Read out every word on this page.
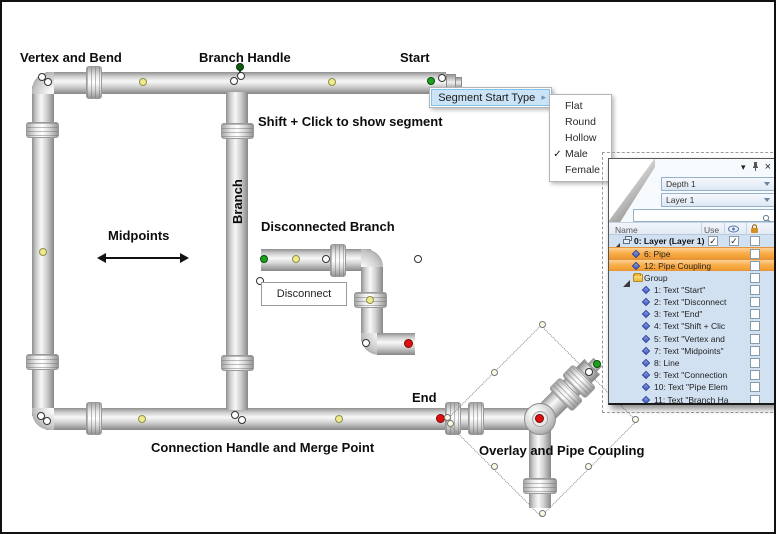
Vertex and Bend	Branch Handle	Start
Shift + Click to show segment
Branch
Midpoints
Disconnected Branch
End
Connection Handle and Merge Point	Overlay and Pipe Coupling
Disconnect
Segment Start Type ▸
Flat
Round
Hollow
✓ Male
Female	▾ ×
Depth 1
Layer 1
Name	Use
0: Layer (Layer 1) ✓ ✓
6: Pipe
12: Pipe Coupling
Group
1: Text "Start"
2: Text "Disconnect
3: Text "End"
4: Text "Shift + Clic
5: Text "Vertex and
7: Text "Midpoints"
8: Line
9: Text "Connection
10: Text "Pipe Elem
11: Text "Branch Ha
